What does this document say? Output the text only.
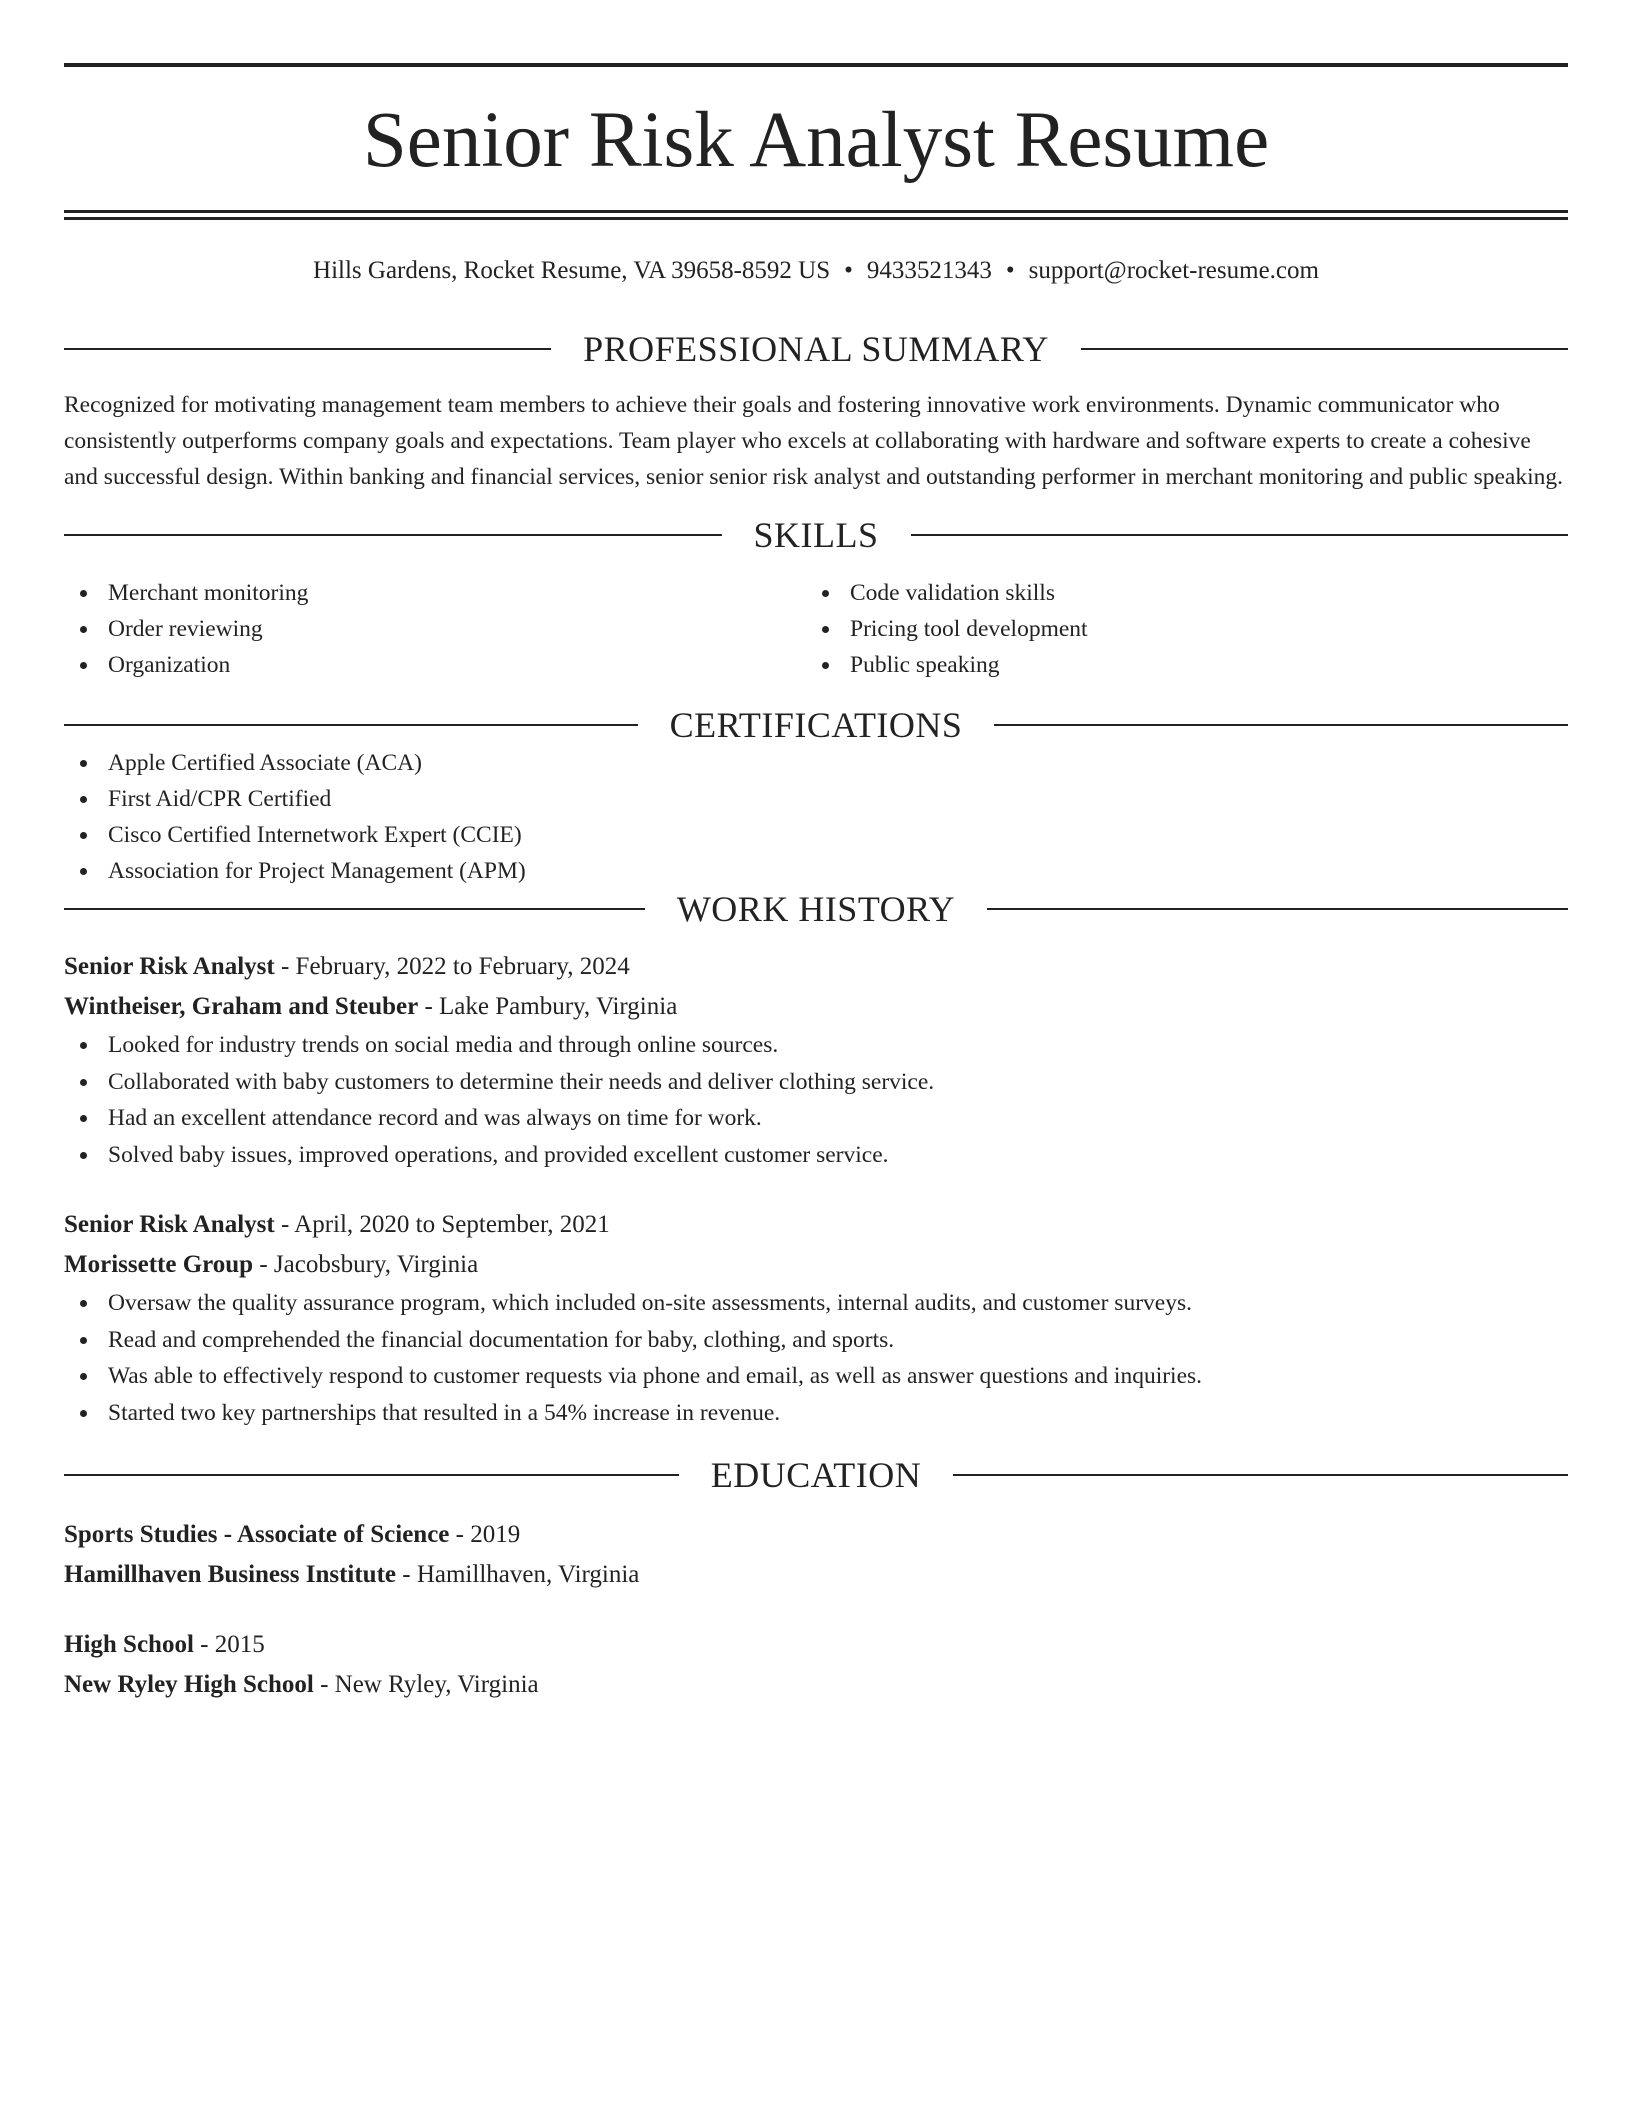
Senior Risk Analyst Resume
Hills Gardens, Rocket Resume, VA 39658-8592 US • 9433521343 • support@rocket-resume.com
PROFESSIONAL SUMMARY

Recognized for motivating management team members to achieve their goals and fostering innovative work environments. Dynamic communicator who consistently outperforms company goals and expectations. Team player who excels at collaborating with hardware and software experts to create a cohesive and successful design. Within banking and financial services, senior senior risk analyst and outstanding performer in merchant monitoring and public speaking.

SKILLS
Merchant monitoring
Order reviewing
Organization
Code validation skills
Pricing tool development
Public speaking
CERTIFICATIONS
Apple Certified Associate (ACA)
First Aid/CPR Certified
Cisco Certified Internetwork Expert (CCIE)
Association for Project Management (APM)
WORK HISTORY
Senior Risk Analyst - February, 2022 to February, 2024
Wintheiser, Graham and Steuber - Lake Pambury, Virginia
Looked for industry trends on social media and through online sources.
Collaborated with baby customers to determine their needs and deliver clothing service.
Had an excellent attendance record and was always on time for work.
Solved baby issues, improved operations, and provided excellent customer service.
Senior Risk Analyst - April, 2020 to September, 2021
Morissette Group - Jacobsbury, Virginia
Oversaw the quality assurance program, which included on-site assessments, internal audits, and customer surveys.
Read and comprehended the financial documentation for baby, clothing, and sports.
Was able to effectively respond to customer requests via phone and email, as well as answer questions and inquiries.
Started two key partnerships that resulted in a 54% increase in revenue.
EDUCATION
Sports Studies - Associate of Science - 2019
Hamillhaven Business Institute - Hamillhaven, Virginia
High School - 2015
New Ryley High School - New Ryley, Virginia
